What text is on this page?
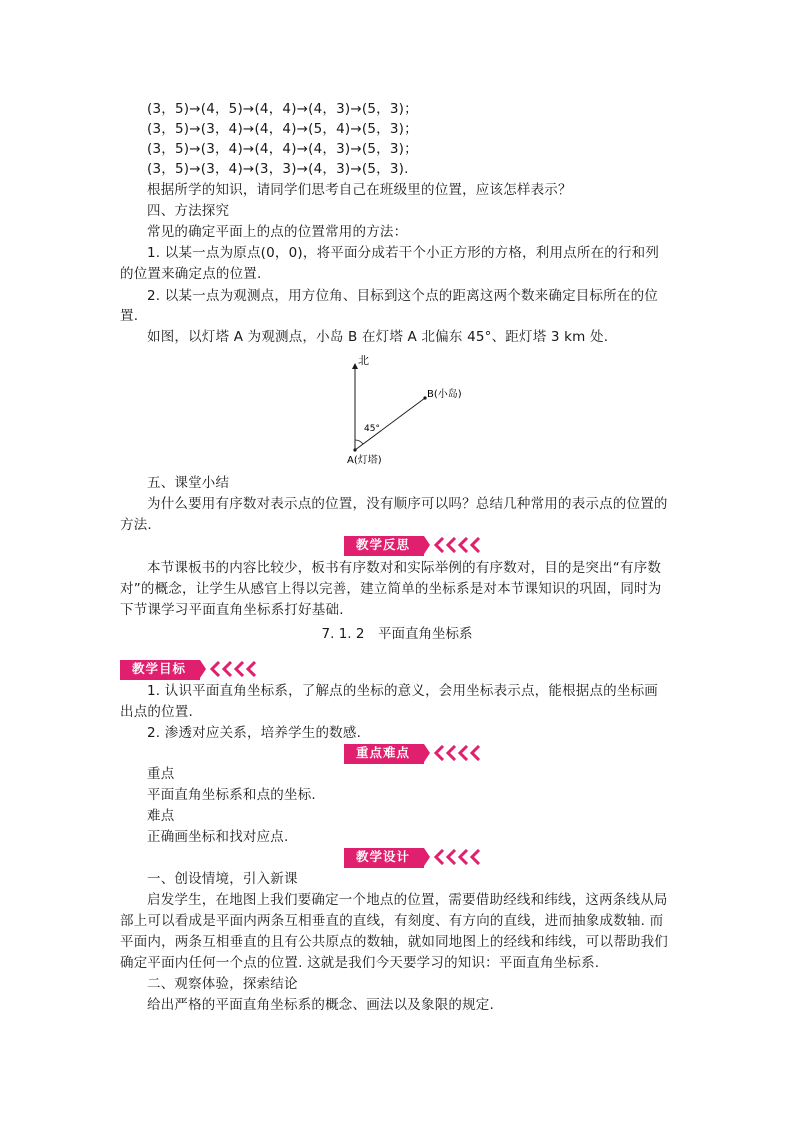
(3，5)→(4，5)→(4，4)→(4，3)→(5，3)；
(3，5)→(3，4)→(4，4)→(5，4)→(5，3)；
(3，5)→(3，4)→(4，4)→(4，3)→(5，3)；
(3，5)→(3，4)→(3，3)→(4，3)→(5，3).
根据所学的知识，请同学们思考自己在班级里的位置，应该怎样表示？
四、方法探究
常见的确定平面上的点的位置常用的方法：
1. 以某一点为原点(0，0)，将平面分成若干个小正方形的方格，利用点所在的行和列
的位置来确定点的位置.
2. 以某一点为观测点，用方位角、目标到这个点的距离这两个数来确定目标所在的位
置.
如图，以灯塔 A 为观测点，小岛 B 在灯塔 A 北偏东 45°、距灯塔 3 km 处.
北
B(小岛)
45°
A(灯塔)
五、课堂小结
为什么要用有序数对表示点的位置，没有顺序可以吗？总结几种常用的表示点的位置的
方法.
教学反思
本节课板书的内容比较少，板书有序数对和实际举例的有序数对，目的是突出“有序数
对”的概念，让学生从感官上得以完善，建立简单的坐标系是对本节课知识的巩固，同时为
下节课学习平面直角坐标系打好基础.
7. 1. 2　平面直角坐标系
教学目标
1. 认识平面直角坐标系，了解点的坐标的意义，会用坐标表示点，能根据点的坐标画
出点的位置.
2. 渗透对应关系，培养学生的数感.
重点难点
重点
平面直角坐标系和点的坐标.
难点
正确画坐标和找对应点.
教学设计
一、创设情境，引入新课
启发学生，在地图上我们要确定一个地点的位置，需要借助经线和纬线，这两条线从局
部上可以看成是平面内两条互相垂直的直线，有刻度、有方向的直线，进而抽象成数轴. 而
平面内，两条互相垂直的且有公共原点的数轴，就如同地图上的经线和纬线，可以帮助我们
确定平面内任何一个点的位置. 这就是我们今天要学习的知识：平面直角坐标系.
二、观察体验，探索结论
给出严格的平面直角坐标系的概念、画法以及象限的规定.
